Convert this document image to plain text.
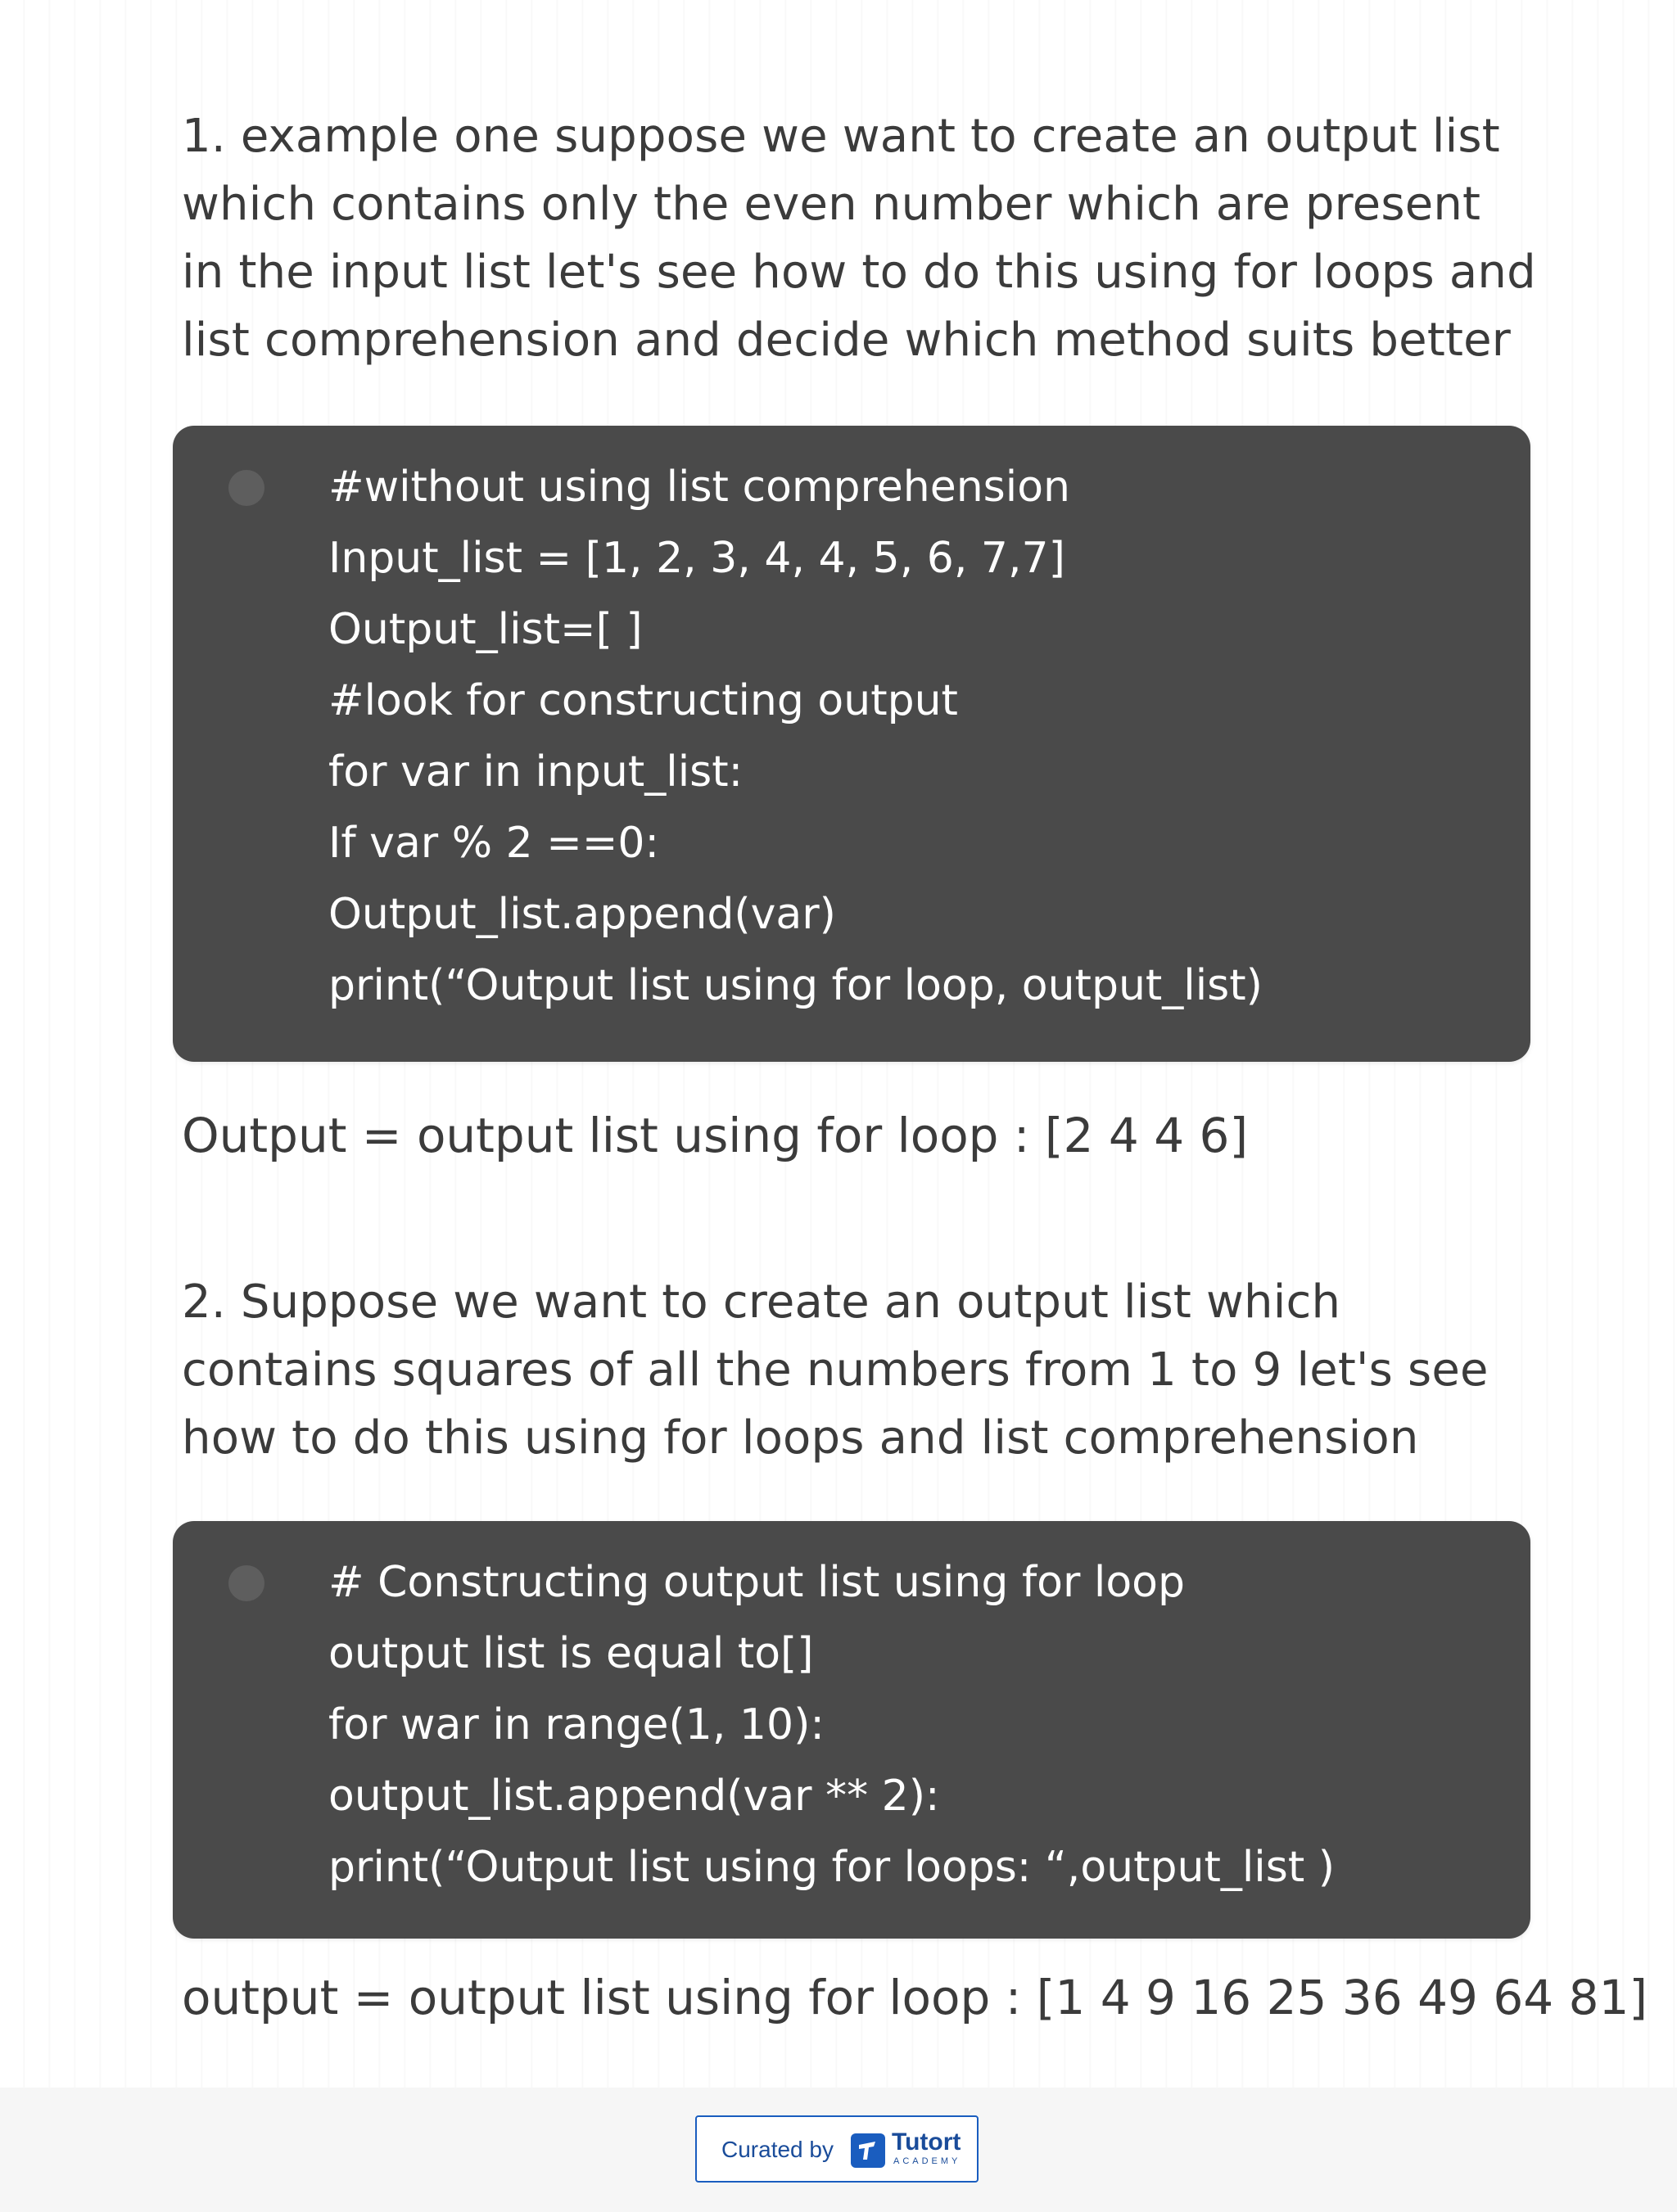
1. example one suppose we want to create an output list
which contains only the even number which are present
in the input list let's see how to do this using for loops and
list comprehension and decide which method suits better
#without using list comprehension
Input_list = [1, 2, 3, 4, 4, 5, 6, 7,7]
Output_list=[ ]
#look for constructing output
for var in input_list:
If var % 2 ==0:
Output_list.append(var)
print(“Output list using for loop, output_list)
Output = output list using for loop : [2 4 4 6]
2. Suppose we want to create an output list which
contains squares of all the numbers from 1 to 9 let's see
how to do this using for loops and list comprehension
# Constructing output list using for loop
output list is equal to[]
for war in range(1, 10):
output_list.append(var ** 2):
print(“Output list using for loops: “,output_list )
output = output list using for loop : [1 4 9 16 25 36 49 64 81]
Curated by Tutort
ACADEMY
